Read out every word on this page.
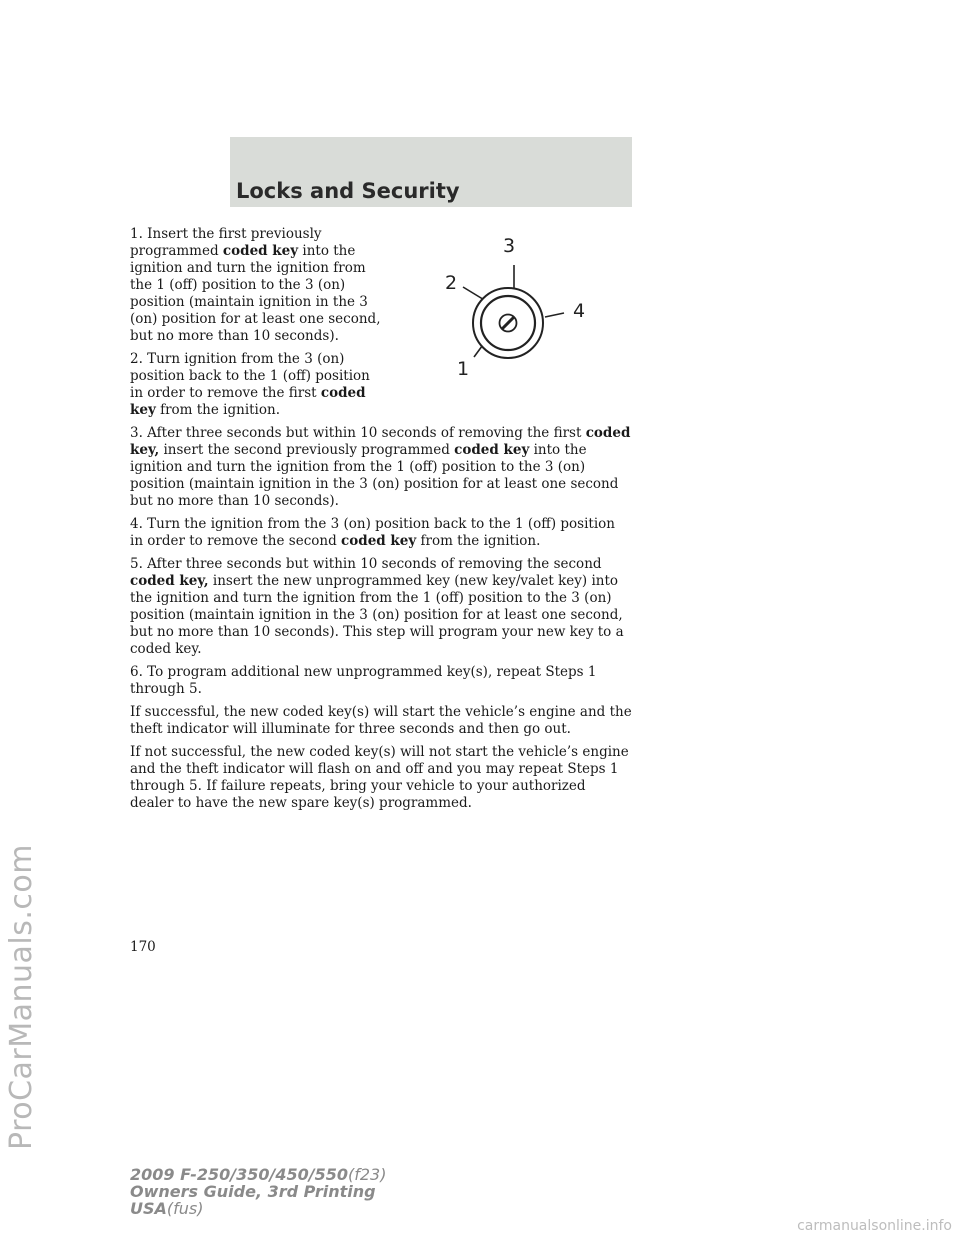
ProCarManuals.com
Locks and Security
1
2
3
4

1. Insert the first previously programmed coded key into the ignition and turn the ignition from the 1 (off) position to the 3 (on) position (maintain ignition in the 3 (on) position for at least one second, but no more than 10 seconds).

2. Turn ignition from the 3 (on) position back to the 1 (off) position in order to remove the first coded key from the ignition.

3. After three seconds but within 10 seconds of removing the first coded key, insert the second previously programmed coded key into the ignition and turn the ignition from the 1 (off) position to the 3 (on) position (maintain ignition in the 3 (on) position for at least one second but no more than 10 seconds).

4. Turn the ignition from the 3 (on) position back to the 1 (off) position in order to remove the second coded key from the ignition.

5. After three seconds but within 10 seconds of removing the second coded key, insert the new unprogrammed key (new key/valet key) into the ignition and turn the ignition from the 1 (off) position to the 3 (on) position (maintain ignition in the 3 (on) position for at least one second, but no more than 10 seconds). This step will program your new key to a coded key.

6. To program additional new unprogrammed key(s), repeat Steps 1 through 5.

If successful, the new coded key(s) will start the vehicle’s engine and the theft indicator will illuminate for three seconds and then go out.

If not successful, the new coded key(s) will not start the vehicle’s engine and the theft indicator will flash on and off and you may repeat Steps 1 through 5. If failure repeats, bring your vehicle to your authorized dealer to have the new spare key(s) programmed.

170
2009 F-250/350/450/550(f23)
Owners Guide, 3rd Printing
USA(fus)
carmanualsonline.info
